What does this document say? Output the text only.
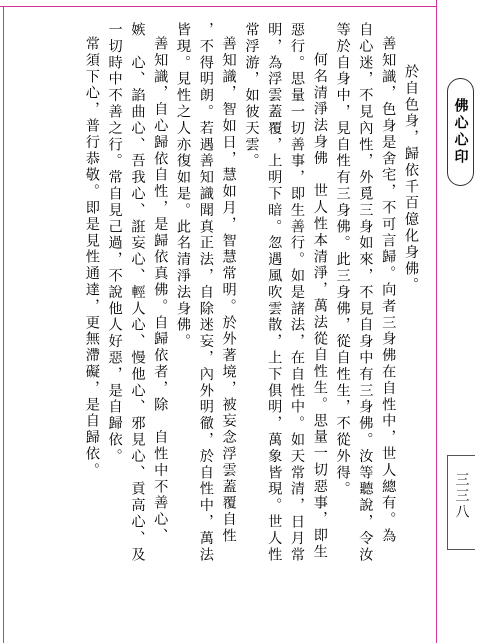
於自色身，歸依千百億化身佛。
善知識，色身是舍宅，不可言歸。向者三身佛在自性中，世人總有。為
自心迷，不見內性，外覓三身如來，不見自身中有三身佛。汝等聽說，令汝
等於自身中，見自性有三身佛。此三身佛，從自性生，不從外得。
何名清淨法身佛　世人性本清淨，萬法從自性生。思量一切惡事，即生
惡行。思量一切善事，即生善行。如是諸法，在自性中。如天常清，日月常
明，為浮雲蓋覆，上明下暗。忽遇風吹雲散，上下俱明，萬象皆現。世人性
常浮游，如彼天雲。
善知識，智如日，慧如月，智慧常明。於外著境，被妄念浮雲蓋覆自性
，不得明朗。若遇善知識聞真正法，自除迷妄，內外明徹，於自性中，萬法
皆現。見性之人亦復如是。此名清淨法身佛。
善知識，自心歸依自性，是歸依真佛。自歸依者，除　自性中不善心、
嫉　心、諂曲心、吾我心、誑妄心、輕人心、慢他心、邪見心、貢高心、及
一切時中不善之行。常自見己過，不說他人好惡，是自歸依。
常須下心，普行恭敬。即是見性通達，更無滯礙，是自歸依。	佛心心印
三三八
